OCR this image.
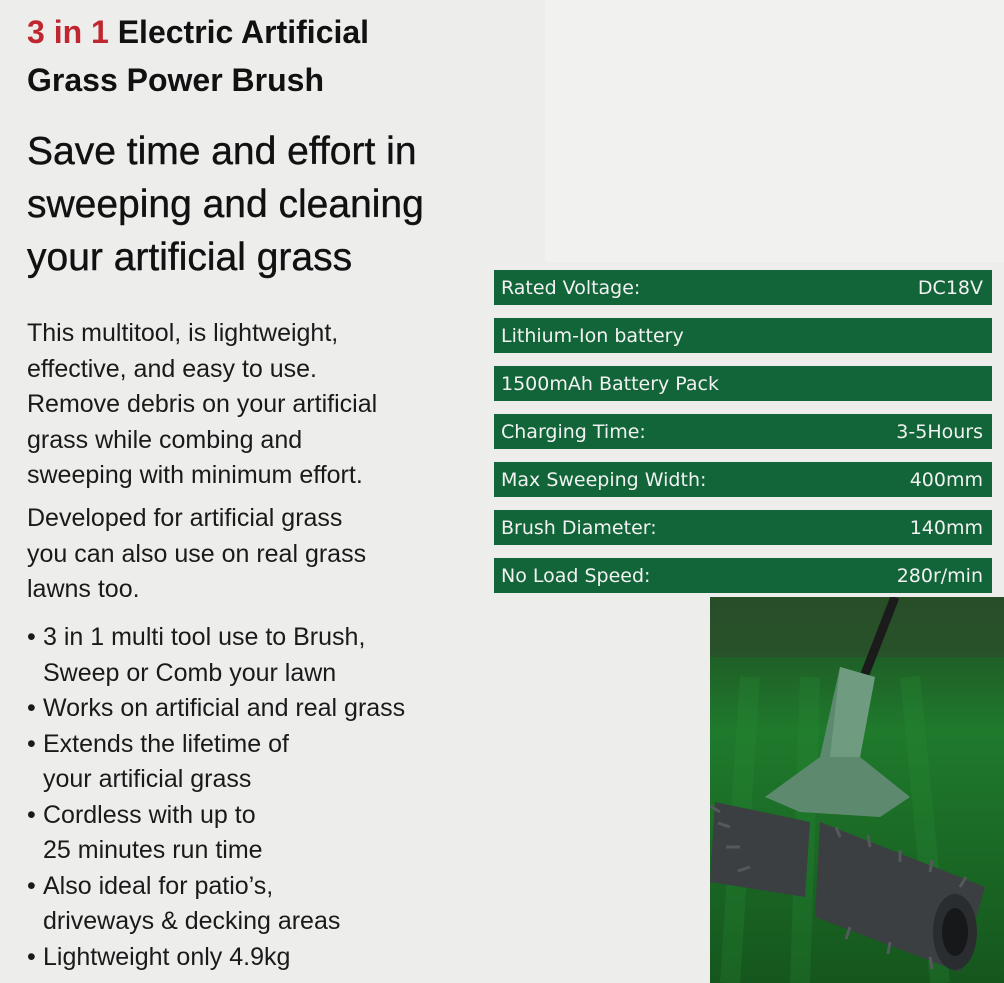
3 in 1 Electric Artificial
Grass Power Brush
Save time and effort in
sweeping and cleaning
your artificial grass

This multitool, is lightweight,
effective, and easy to use.
Remove debris on your artificial
grass while combing and
sweeping with minimum effort.

Developed for artificial grass
you can also use on real grass
lawns too.

• 3 in 1 multi tool use to Brush,
Sweep or Comb your lawn
• Works on artificial and real grass
• Extends the lifetime of
your artificial grass
• Cordless with up to
25 minutes run time
• Also ideal for patio’s,
driveways & decking areas
• Lightweight only 4.9kg
Rated Voltage:	DC18V
Lithium-Ion battery
1500mAh Battery Pack
Charging Time:	3-5Hours
Max Sweeping Width:	400mm
Brush Diameter:	140mm
No Load Speed:	280r/min
